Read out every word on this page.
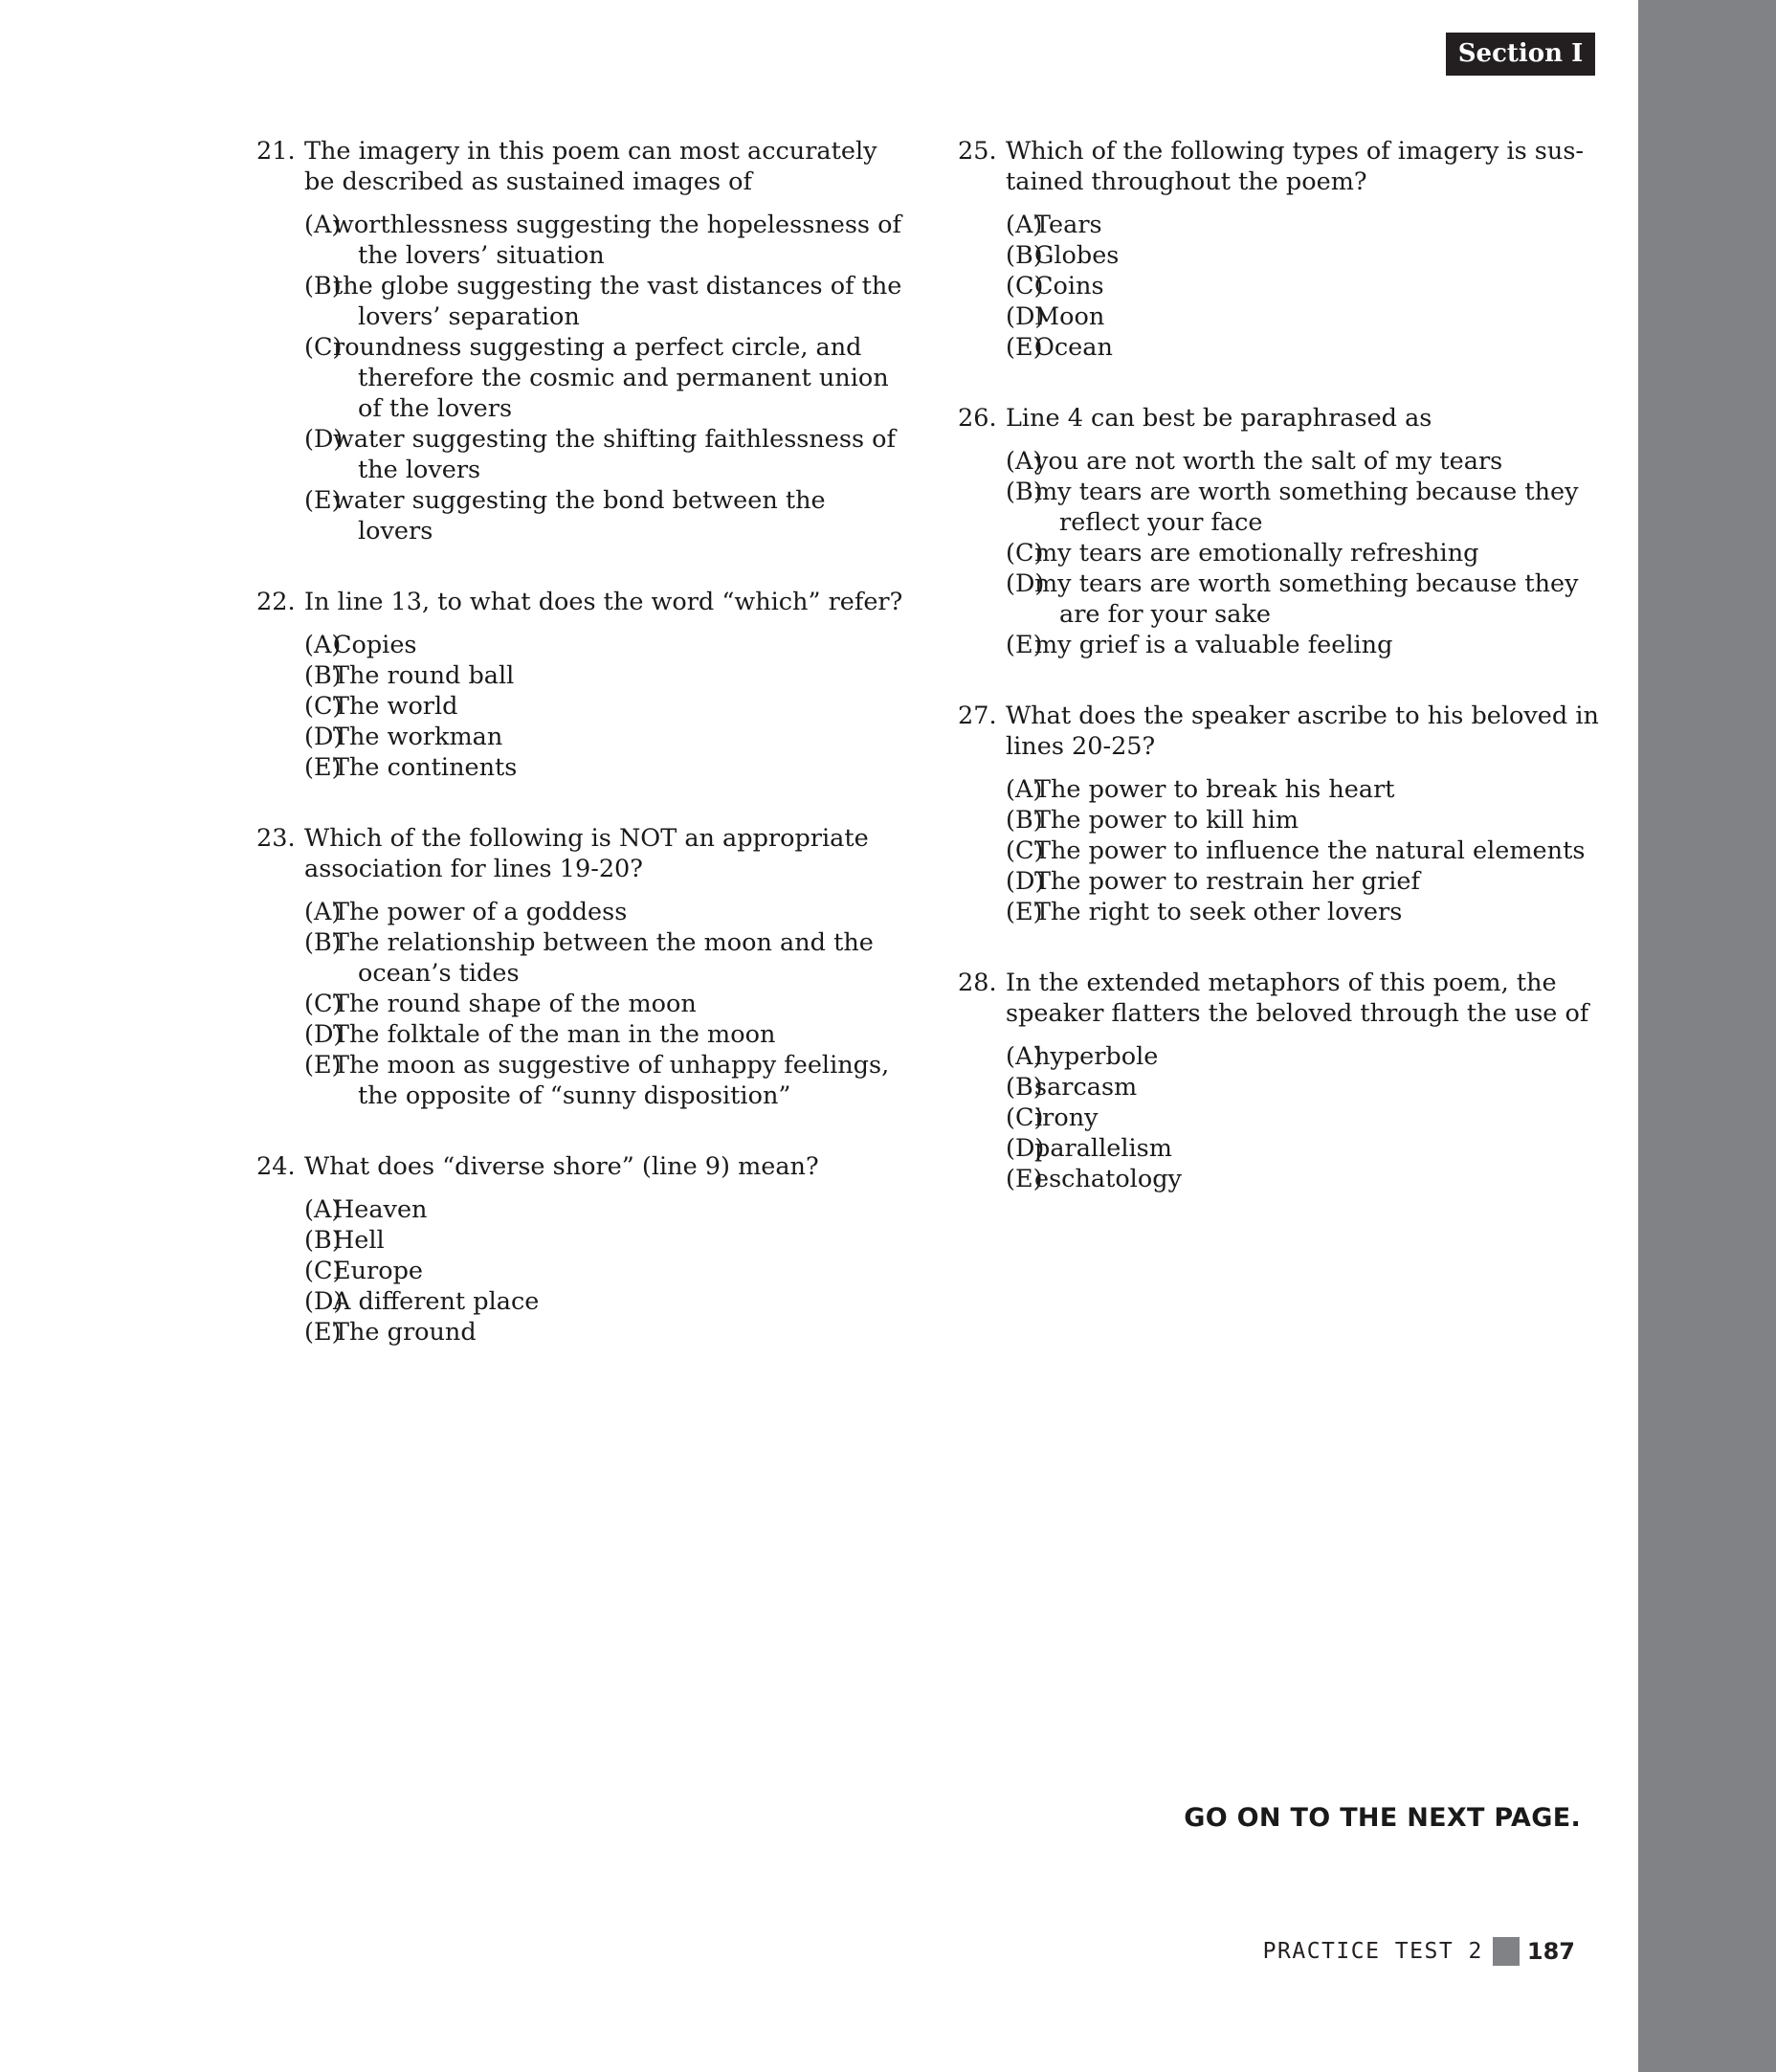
Section I
21. The imagery in this poem can most accurately be described as sustained images of
(A)
worthlessness suggesting the hopelessness of the lovers’ situation
(B)
the globe suggesting the vast distances of the lovers’ separation
(C)
roundness suggesting a perfect circle, and therefore the cosmic and permanent union of the lovers
(D)
water suggesting the shifting faithlessness of the lovers
(E)
water suggesting the bond between the lovers
22. In line 13, to what does the word “which” refer?
(A)
Copies
(B)
The round ball
(C)
The world
(D)
The workman
(E)
The continents
23. Which of the following is NOT an appropriate association for lines 19-20?
(A)
The power of a goddess
(B)
The relationship between the moon and the ocean’s tides
(C)
The round shape of the moon
(D)
The folktale of the man in the moon
(E)
The moon as suggestive of unhappy feelings, the opposite of “sunny disposition”
24. What does “diverse shore” (line 9) mean?
(A)
Heaven
(B)
Hell
(C)
Europe
(D)
A different place
(E)
The ground
25. Which of the following types of imagery is sus-tained throughout the poem?
(A)
Tears
(B)
Globes
(C)
Coins
(D)
Moon
(E)
Ocean
26. Line 4 can best be paraphrased as
(A)
you are not worth the salt of my tears
(B)
my tears are worth something because they reflect your face
(C)
my tears are emotionally refreshing
(D)
my tears are worth something because they are for your sake
(E)
my grief is a valuable feeling
27. What does the speaker ascribe to his beloved in lines 20-25?
(A)
The power to break his heart
(B)
The power to kill him
(C)
The power to influence the natural elements
(D)
The power to restrain her grief
(E)
The right to seek other lovers
28. In the extended metaphors of this poem, the speaker flatters the beloved through the use of
(A)
hyperbole
(B)
sarcasm
(C)
irony
(D)
parallelism
(E)
eschatology
GO ON TO THE NEXT PAGE.
PRACTICE TEST 2 187
